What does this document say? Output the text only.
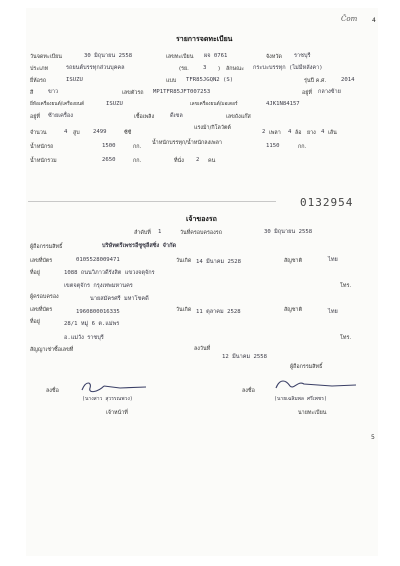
Ĉom 4
รายการจดทะเบียน
วันจดทะเบียน	30 มิถุนายน 2558	เลขทะเบียน ผจ 0761	จังหวัด ราชบุรี
ประเภท	รถยนต์บรรทุกส่วนบุคคล	(รย.	3 ) ลักษณะ กระบะบรรทุก (ไม่มีหลังคา)
ยี่ห้อรถ	ISUZU	แบบ TFR85JGQN2 (S)	รุ่นปี ค.ศ.	2014
สี	ขาว	เลขตัวรถ MP1TFR85JFT007253	อยู่ที่ กลางซ้าย
ยี่ห้อเครื่องยนต์/เครื่องยนต์	ISUZU	เลขเครื่องยนต์/มอเตอร์	4JK1N84157
อยู่ที่ ซ้ายเครื่อง	เชื้อเพลิง	ดีเซล	เลขถังแก๊ส
จำนวน	4 สูบ 2499	ซีซี
แรงม้า/กิโลวัตต์
2 เพลา 4 ล้อ ยาง 4 เส้น
น้ำหนักรถ	1500	กก.
น้ำหนักบรรทุก/น้ำหนักลงเพลา	1150	กก.
น้ำหนักรวม	2650	กก.	ที่นั่ง 2 คน
0132954
เจ้าของรถ
ลำดับที่ 1	วันที่ครอบครองรถ	30 มิถุนายน 2558
ผู้ถือกรรมสิทธิ์	บริษัทตรีเพชรอีซูซุลีสซิ่ง จำกัด
เลขที่บัตร	0105528009471	วันเกิด 14 มีนาคม 2528	สัญชาติ	ไทย
ที่อยู่	1088 ถนนวิภาวดีรังสิต แขวงจตุจักร
เขตจตุจักร กรุงเทพมหานคร	โทร.
ผู้ครอบครอง	นายสมัครศรี มหาโชคดี
เลขที่บัตร	1960800016335	วันเกิด 11 ตุลาคม 2528	สัญชาติ	ไทย
ที่อยู่	28/1 หมู่ 6 ต.แม่พร
อ.แม่วัง ราชบุรี	โทร.
สัญญาเช่าซื้อเลขที่	ลงวันที่
12 มีนาคม 2558
ผู้ถือกรรมสิทธิ์
ลงชื่อ
(นางสาว สุวรรณพวง)
เจ้าหน้าที่
ลงชื่อ
(นายเฉลิมพล ศรีเพชร)
นายทะเบียน
5
